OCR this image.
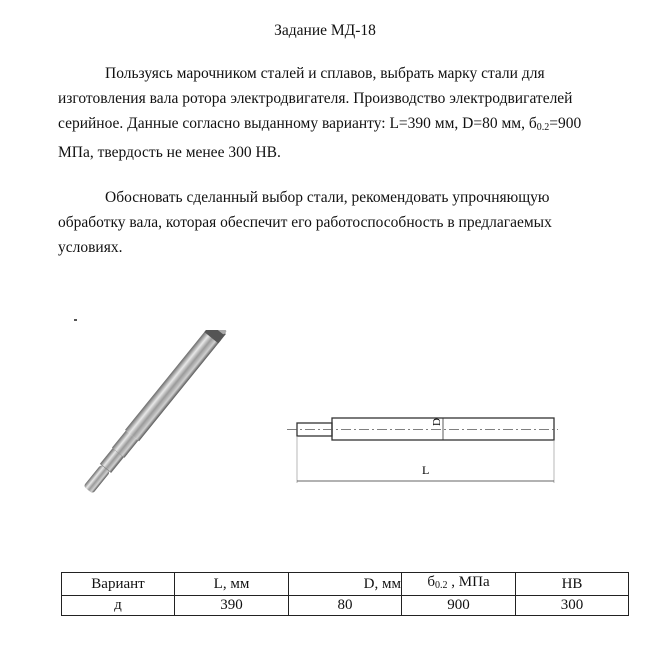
Задание МД-18
Пользуясь марочником сталей и сплавов, выбрать марку стали для изготовления вала ротора электродвигателя. Производство электродвигателей серийное. Данные согласно выданному варианту: L=390 мм, D=80 мм, $б_{0.2}=900$ МПа, твердость не менее 300 НВ.
Обосновать сделанный выбор стали, рекомендовать упрочняющую обработку вала, которая обеспечит его работоспособность в предлагаемых условиях.
D
L
Вариант	L, мм	D, мм	$б_{0.2}$ , МПа	HB
д	390	80	900	300
